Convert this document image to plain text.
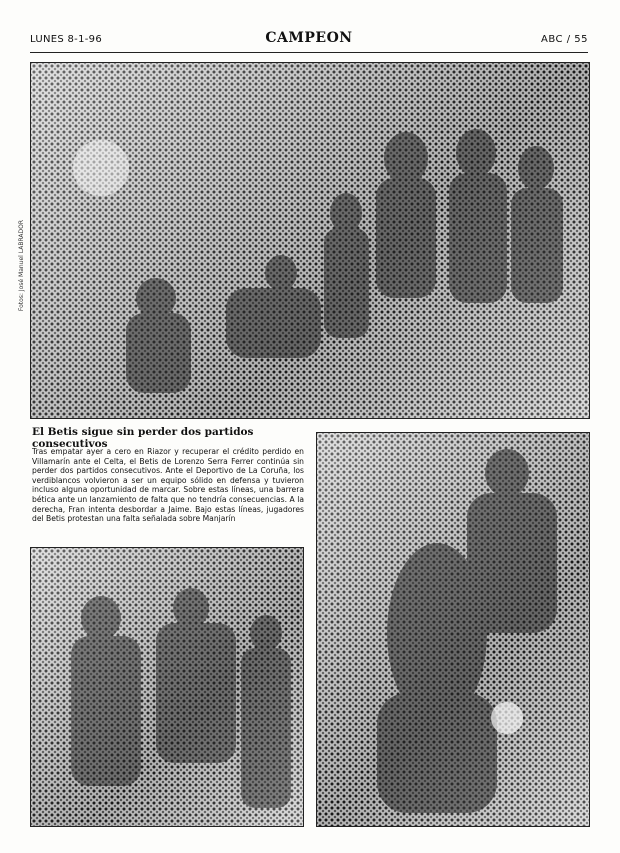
LUNES 8-1-96	CAMPEON	ABC / 55
Fotos: José Manuel LABRADOR
El Betis sigue sin perder dos partidos consecutivos
Tras empatar ayer a cero en Riazor y recuperar el crédito perdido en Villamarín ante el Celta, el Betis de Lorenzo Serra Ferrer continúa sin perder dos partidos consecutivos. Ante el Deportivo de La Coruña, los verdiblancos volvieron a ser un equipo sólido en defensa y tuvieron incluso alguna oportunidad de marcar. Sobre estas líneas, una barrera bética ante un lanzamiento de falta que no tendría consecuencias. A la derecha, Fran intenta desbordar a Jaime. Bajo estas líneas, jugadores del Betis protestan una falta señalada sobre Manjarín
